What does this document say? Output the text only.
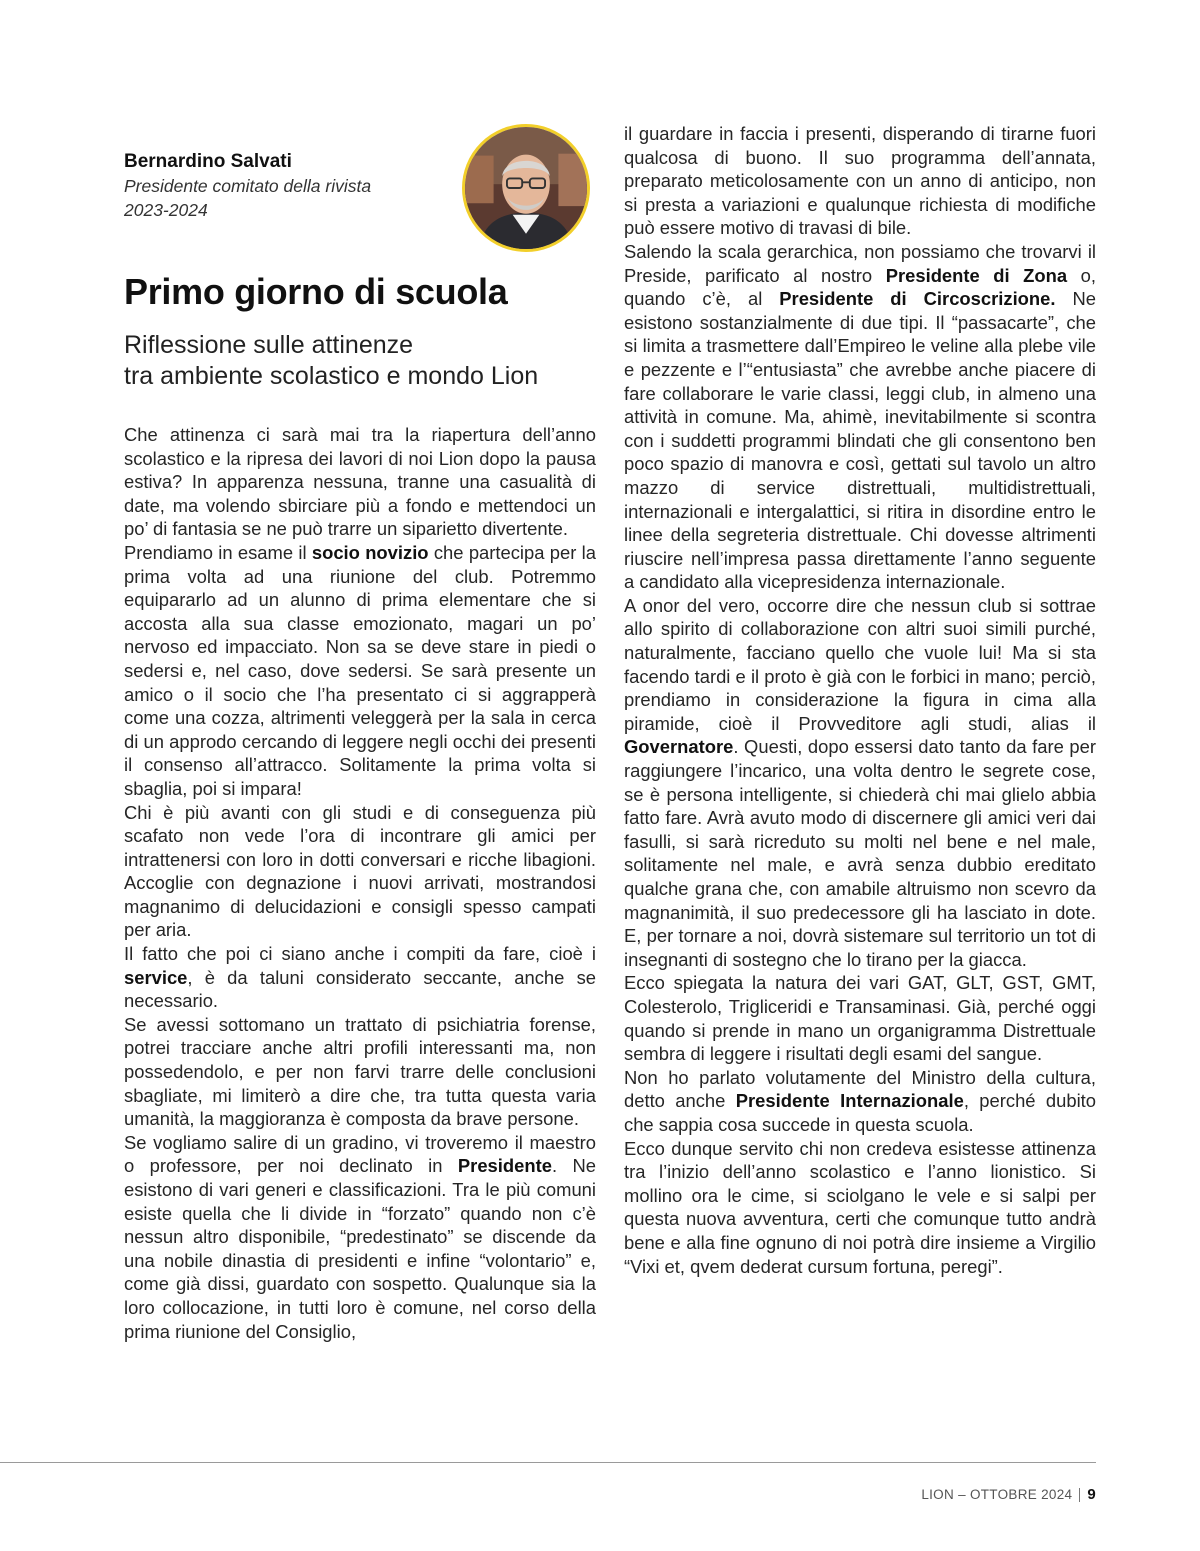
Bernardino Salvati
Presidente comitato della rivista
2023-2024
Primo giorno di scuola
Riflessione sulle attinenze
tra ambiente scolastico e mondo Lion

Che attinenza ci sarà mai tra la riapertura dell’anno scolastico e la ripresa dei lavori di noi Lion dopo la pausa estiva? In apparenza nessuna, tranne una casualità di date, ma volendo sbirciare più a fondo e mettendoci un po’ di fantasia se ne può trarre un siparietto divertente.

Prendiamo in esame il socio novizio che partecipa per la prima volta ad una riunione del club. Potremmo equipararlo ad un alunno di prima elementare che si accosta alla sua classe emozionato, magari un po’ nervoso ed impacciato. Non sa se deve stare in piedi o sedersi e, nel caso, dove sedersi. Se sarà presente un amico o il socio che l’ha presentato ci si aggrapperà come una cozza, altrimenti veleggerà per la sala in cerca di un approdo cercando di leggere negli occhi dei presenti il consenso all’attracco. Solitamente la prima volta si sbaglia, poi si impara!

Chi è più avanti con gli studi e di conseguenza più scafato non vede l’ora di incontrare gli amici per intrattenersi con loro in dotti conversari e ricche libagioni. Accoglie con degnazione i nuovi arrivati, mostrandosi magnanimo di delucidazioni e consigli spesso campati per aria.

Il fatto che poi ci siano anche i compiti da fare, cioè i service, è da taluni considerato seccante, anche se necessario.

Se avessi sottomano un trattato di psichiatria forense, potrei tracciare anche altri profili interessanti ma, non possedendolo, e per non farvi trarre delle conclusioni sbagliate, mi limiterò a dire che, tra tutta questa varia umanità, la maggioranza è composta da brave persone.

Se vogliamo salire di un gradino, vi troveremo il maestro o professore, per noi declinato in Presidente. Ne esistono di vari generi e classificazioni. Tra le più comuni esiste quella che li divide in “forzato” quando non c’è nessun altro disponibile, “predestinato” se discende da una nobile dinastia di presidenti e infine “volontario” e, come già dissi, guardato con sospetto. Qualunque sia la loro collocazione, in tutti loro è comune, nel corso della prima riunione del Consiglio,

il guardare in faccia i presenti, disperando di tirarne fuori qualcosa di buono. Il suo programma dell’annata, preparato meticolosamente con un anno di anticipo, non si presta a variazioni e qualunque richiesta di modifiche può essere motivo di travasi di bile.

Salendo la scala gerarchica, non possiamo che trovarvi il Preside, parificato al nostro Presidente di Zona o, quando c’è, al Presidente di Circoscrizione. Ne esistono sostanzialmente di due tipi. Il “passacarte”, che si limita a trasmettere dall’Empireo le veline alla plebe vile e pezzente e l’“entusiasta” che avrebbe anche piacere di fare collaborare le varie classi, leggi club, in almeno una attività in comune. Ma, ahimè, inevitabilmente si scontra con i suddetti programmi blindati che gli consentono ben poco spazio di manovra e così, gettati sul tavolo un altro mazzo di service distrettuali, multidistrettuali, internazionali e intergalattici, si ritira in disordine entro le linee della segreteria distrettuale. Chi dovesse altrimenti riuscire nell’impresa passa direttamente l’anno seguente a candidato alla vicepresidenza internazionale.

A onor del vero, occorre dire che nessun club si sottrae allo spirito di collaborazione con altri suoi simili purché, naturalmente, facciano quello che vuole lui! Ma si sta facendo tardi e il proto è già con le forbici in mano; perciò, prendiamo in considerazione la figura in cima alla piramide, cioè il Provveditore agli studi, alias il Governatore. Questi, dopo essersi dato tanto da fare per raggiungere l’incarico, una volta dentro le segrete cose, se è persona intelligente, si chiederà chi mai glielo abbia fatto fare. Avrà avuto modo di discernere gli amici veri dai fasulli, si sarà ricreduto su molti nel bene e nel male, solitamente nel male, e avrà senza dubbio ereditato qualche grana che, con amabile altruismo non scevro da magnanimità, il suo predecessore gli ha lasciato in dote. E, per tornare a noi, dovrà sistemare sul territorio un tot di insegnanti di sostegno che lo tirano per la giacca.

Ecco spiegata la natura dei vari GAT, GLT, GST, GMT, Colesterolo, Trigliceridi e Transaminasi. Già, perché oggi quando si prende in mano un organigramma Distrettuale sembra di leggere i risultati degli esami del sangue.

Non ho parlato volutamente del Ministro della cultura, detto anche Presidente Internazionale, perché dubito che sappia cosa succede in questa scuola.

Ecco dunque servito chi non credeva esistesse attinenza tra l’inizio dell’anno scolastico e l’anno lionistico. Si mollino ora le cime, si sciolgano le vele e si salpi per questa nuova avventura, certi che comunque tutto andrà bene e alla fine ognuno di noi potrà dire insieme a Virgilio “Vixi et, qvem dederat cursum fortuna, peregi”.

LION – OTTOBRE 2024 9
